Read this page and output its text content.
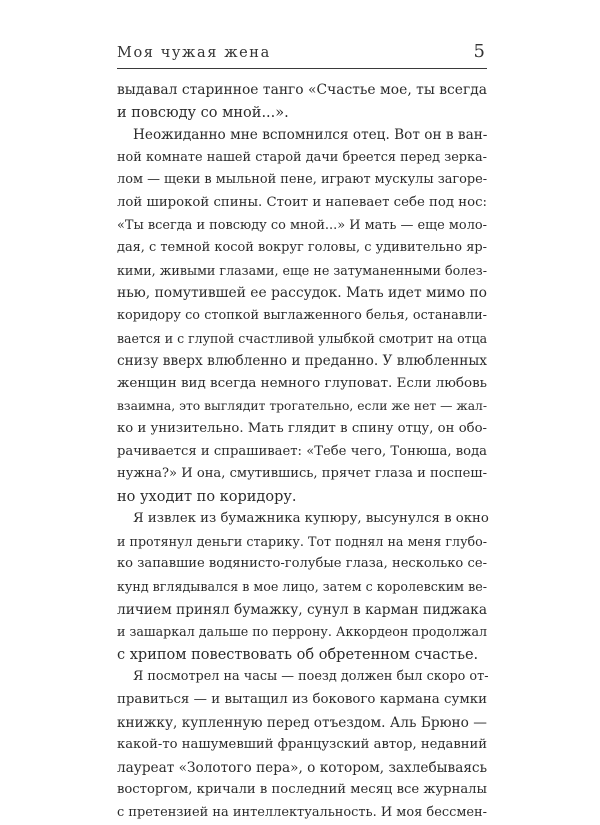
Моя чужая жена	5
выдавал старинное танго «Счастье мое, ты всегда
и повсюду со мной...».
Неожиданно мне вспомнился отец. Вот он в ван-
ной комнате нашей старой дачи бреется перед зерка-
лом — щеки в мыльной пене, играют мускулы загоре-
лой широкой спины. Стоит и напевает себе под нос:
«Ты всегда и повсюду со мной...» И мать — еще моло-
дая, с темной косой вокруг головы, с удивительно яр-
кими, живыми глазами, еще не затуманенными болез-
нью, помутившей ее рассудок. Мать идет мимо по
коридору со стопкой выглаженного белья, останавли-
вается и с глупой счастливой улыбкой смотрит на отца
снизу вверх влюбленно и преданно. У влюбленных
женщин вид всегда немного глуповат. Если любовь
взаимна, это выглядит трогательно, если же нет — жал-
ко и унизительно. Мать глядит в спину отцу, он обо-
рачивается и спрашивает: «Тебе чего, Тонюша, вода
нужна?» И она, смутившись, прячет глаза и поспеш-
но уходит по коридору.
Я извлек из бумажника купюру, высунулся в окно
и протянул деньги старику. Тот поднял на меня глубо-
ко запавшие водянисто-голубые глаза, несколько се-
кунд вглядывался в мое лицо, затем с королевским ве-
личием принял бумажку, сунул в карман пиджака
и зашаркал дальше по перрону. Аккордеон продолжал
с хрипом повествовать об обретенном счастье.
Я посмотрел на часы — поезд должен был скоро от-
правиться — и вытащил из бокового кармана сумки
книжку, купленную перед отъездом. Аль Брюно —
какой-то нашумевший французский автор, недавний
лауреат «Золотого пера», о котором, захлебываясь
восторгом, кричали в последний месяц все журналы
с претензией на интеллектуальность. И моя бессмен-
